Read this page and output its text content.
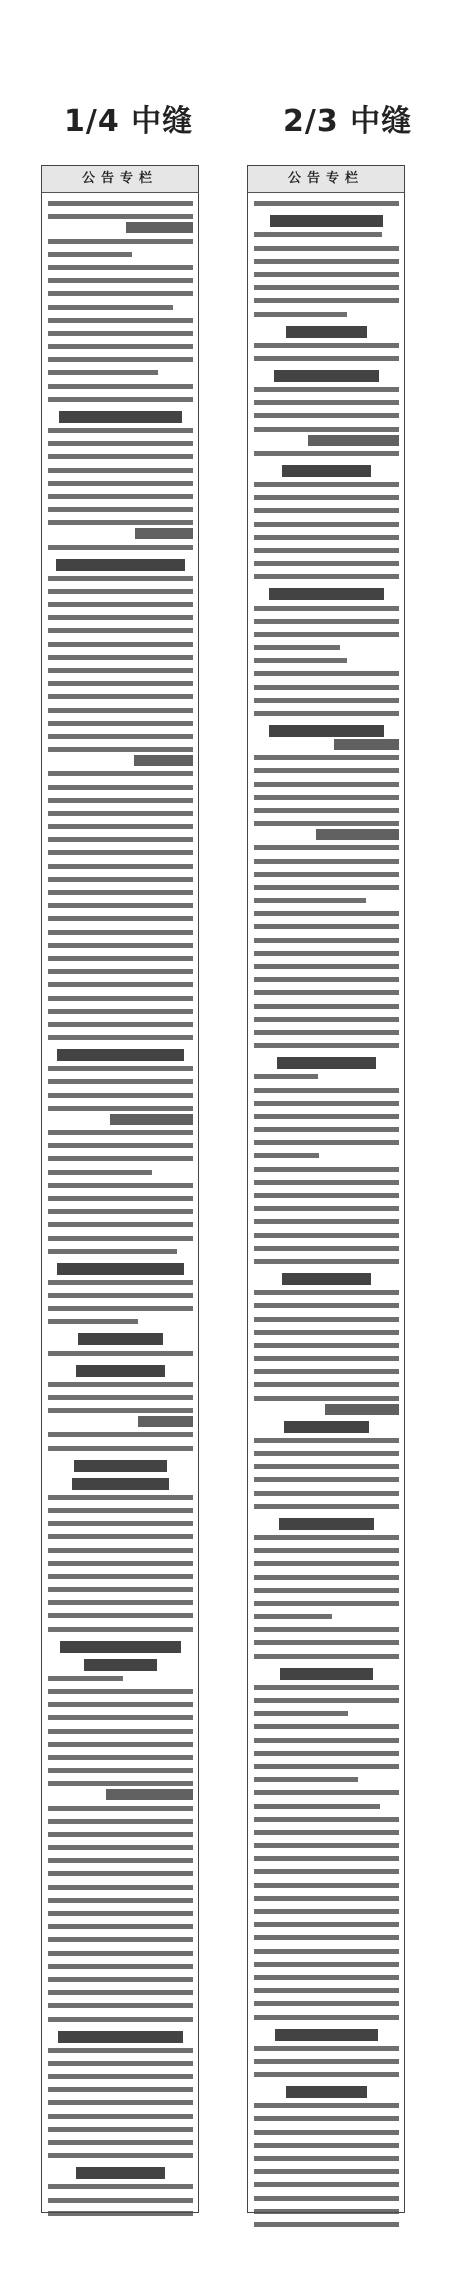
1/4 中缝	2/3 中缝
公告专栏	公告专栏
